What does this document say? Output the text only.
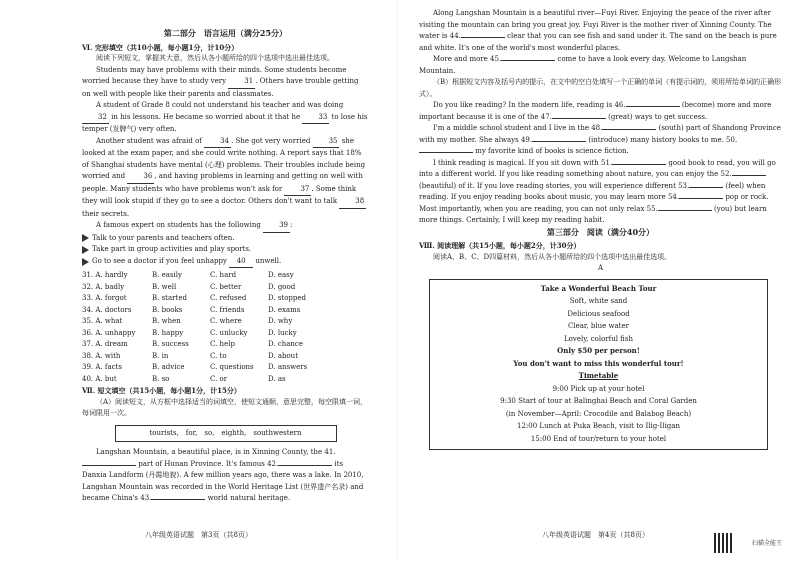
第二部分　语言运用（满分25分）

Ⅵ. 完形填空（共10小题，每小题1分，计10分）

阅读下列短文，掌握其大意，然后从各小题所给的四个选项中选出最佳选项。

Students may have problems with their minds. Some students become worried because they have to study very	31 . Others have trouble getting on well with people like their parents and classmates.

A student of Grade 8 could not understand his teacher and was doing 32 in his lessons. He became so worried about it that he	33 to lose his temper (发脾气) very often.

Another student was afraid of	34 . She got very worried	35 she looked at the exam paper, and she could write nothing. A report says that 18% of Shanghai students have mental (心理) problems. Their troubles include being worried and	36 , and having problems in learning and getting on well with people. Many students who have problems won't ask for	37 . Some think they will look stupid if they go to see a doctor. Others don't want to talk	38 their secrets.

A famous expert on students has the following	39 :

Talk to your parents and teachers often.
Take part in group activities and play sports.
Go to see a doctor if you feel unhappy
	40
	unwell.
31. A. hardly	B. easily	C. hard	D. easy
32. A. badly	B. well	C. better	D. good
33. A. forgot	B. started	C. refused	D. stopped
34. A. doctors	B. books	C. friends	D. exams
35. A. what	B. when	C. where	D. why
36. A. unhappy	B. happy	C. unlucky	D. lucky
37. A. dream	B. success	C. help	D. chance
38. A. with	B. in	C. to	D. about
39. A. facts	B. advice	C. questions	D. answers
40. A. but	B. so	C. or	D. as

Ⅶ. 短文填空（共15小题，每小题1分，计15分）

（A）阅读短文，从方框中选择适当的词填空，使短文通顺，意思完整，每空限填一词，每词限用一次。

tourists,　for,　so,　eighth,　southwestern

Langshan Mountain, a beautiful place, is in Xinning County, the 41. part of Hunan Province. It's famous 42.	its Danxia Landform (丹霞地貌). A few million years ago, there was a lake. In 2010, Langshan Mountain was recorded in the World Heritage List (世界遗产名录) and became China's 43.	world natural heritage.

八年级英语试题　第3页（共8页）

Along Langshan Mountain is a beautiful river—Fuyi River. Enjoying the peace of the river after visiting the mountain can bring you great joy. Fuyi River is the mother river of Xinning County. The water is 44.	clear that you can see fish and sand under it. The sand on the beach is pure and white. It's one of the world's most wonderful places.

More and more 45.	come to have a look every day. Welcome to Langshan Mountain.

（B）根据短文内容及括号内的提示，在文中的空白处填写一个正确的单词（有提示词的，须用所给单词的正确形式）。

Do you like reading? In the modern life, reading is 46.	(become) more and more important because it is one of the 47.	(great) ways to get success.

I'm a middle school student and I live in the 48.	(south) part of Shandong Province with my mother. She always 49.	(introduce) many history books to me. 50. my favorite kind of books is science fiction.

I think reading is magical. If you sit down with 51.	good book to read, you will go into a different world. If you like reading something about nature, you can enjoy the 52. (beautiful) of it. If you love reading stories, you will experience different 53.	(feel) when reading. If you enjoy reading books about music, you may learn more 54.	pop or rock. Most importantly, when you are reading, you can not only relax 55.	(you) but learn more things. Certainly, I will keep my reading habit.

第三部分　阅读（满分40分）

Ⅷ. 阅读理解（共15小题，每小题2分，计30分）

阅读A、B、C、D四篇材料，然后从各小题所给的四个选项中选出最佳选项。

A
Take a Wonderful Beach Tour
Soft, white sand
Delicious seafood
Clear, blue water
Lovely, colorful fish
Only $50 per person!
You don't want to miss this wonderful tour!
Timetable
9:00 Pick up at your hotel
9:30 Start of tour at Balinghai Beach and Coral Garden
(in November—April: Crocodile and Balabog Beach)
12:00 Lunch at Puka Beach, visit to Ilig-Iligan
15:00 End of tour/return to your hotel
八年级英语试题　第4页（共8页）
扫描全能王
